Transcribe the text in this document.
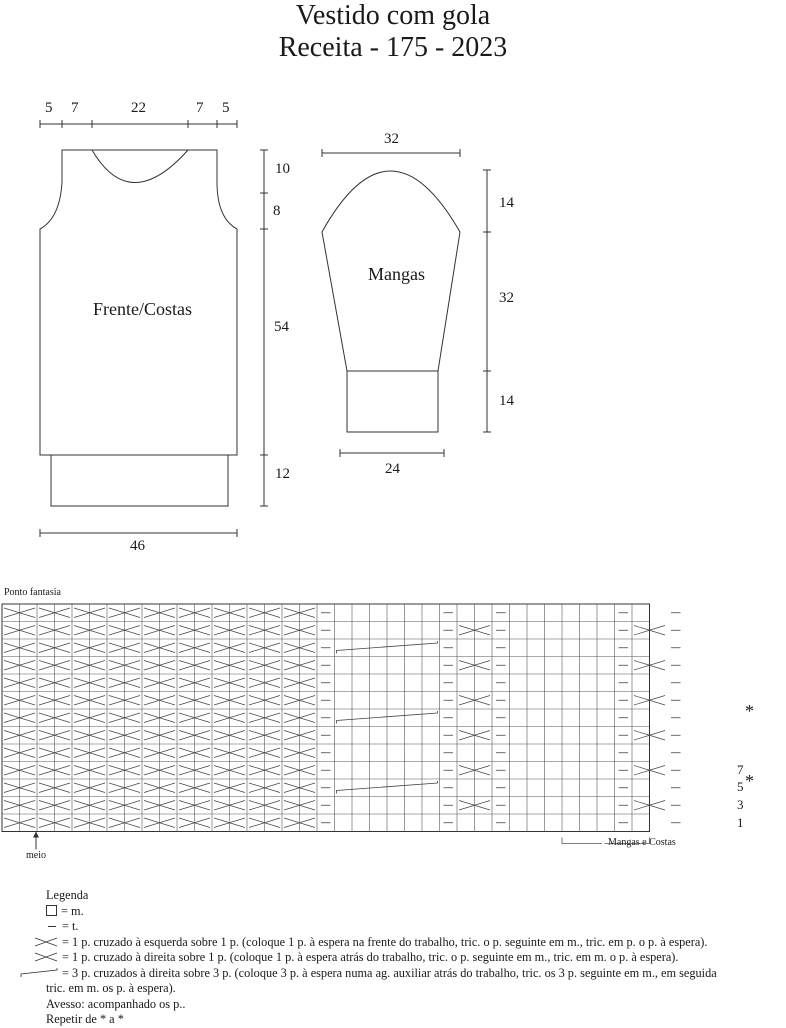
Vestido com gola
Receita - 175 - 2023
5 7	22	7 5
10
8
54
12
46
Frente/Costas
32
14
32
14
24
Mangas
Ponto fantasia
*
7
5 *
3
1
meio
Mangas e Costas
Legenda
= m.
= t.
= 1 p. cruzado à esquerda sobre 1 p. (coloque 1 p. à espera na frente do trabalho, tric. o p. seguinte em m., tric. em p. o p. à espera).
= 1 p. cruzado à direita sobre 1 p. (coloque 1 p. à espera atrás do trabalho, tric. o p. seguinte em m., tric. em m. o p. à espera).
= 3 p. cruzados à direita sobre 3 p. (coloque 3 p. à espera numa ag. auxiliar atrás do trabalho, tric. os 3 p. seguinte em m., em seguida
tric. em m. os p. à espera).
Avesso: acompanhado os p..
Repetir de * a *
